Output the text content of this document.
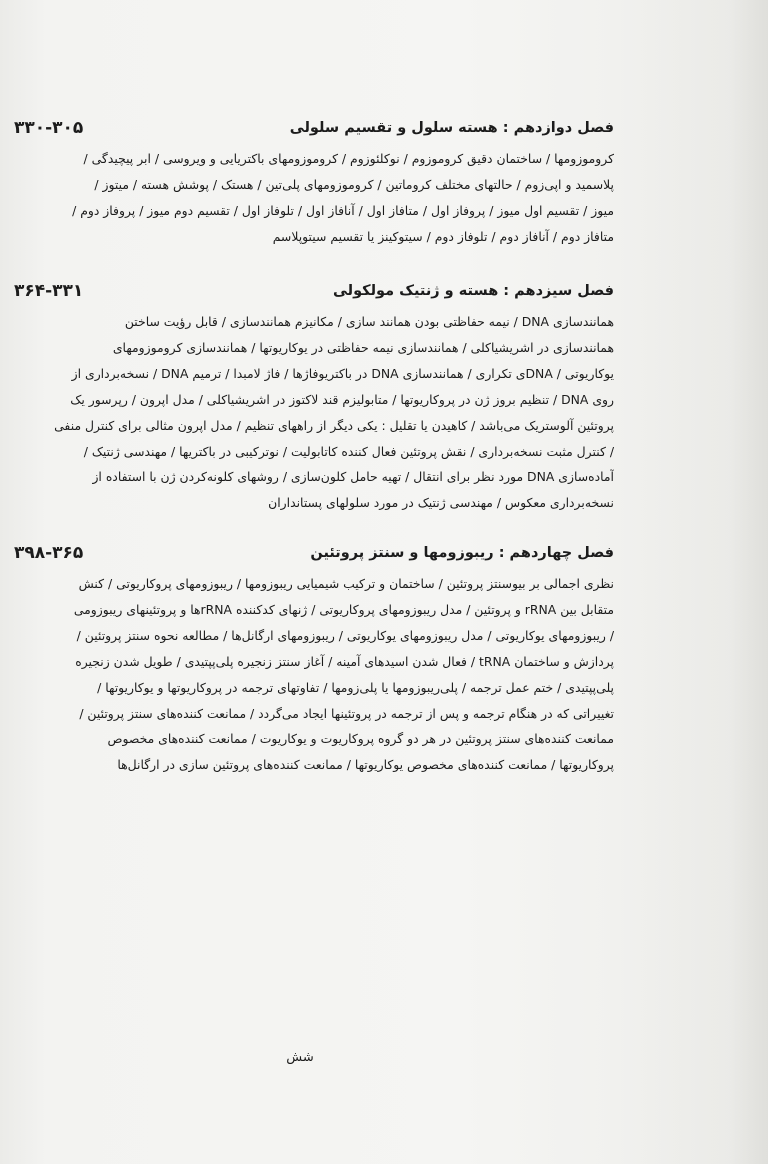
فصل دوازدهم : هسته سلول و تقسیم سلولی
۳۳۰-۳۰۵
کروموزومها / ساختمان دقیق کروموزوم / نوکلئوزوم / کروموزومهای باکتریایی و ویروسی / ابر پیچیدگی /
پلاسمید و اپی‌زوم / حالتهای مختلف کروماتین / کروموزومهای پلی‌تین / هستک / پوشش هسته / میتوز /
میوز / تقسیم اول میوز / پروفاز اول / متافاز اول / آنافاز اول / تلوفاز اول / تقسیم دوم میوز / پروفاز دوم /
متافاز دوم / آنافاز دوم / تلوفاز دوم / سیتوکینز یا تقسیم سیتوپلاسم
فصل سیزدهم : هسته و ژنتیک مولکولی
۳۶۴-۳۳۱
همانندسازی DNA / نیمه حفاظتی بودن همانند سازی / مکانیزم همانندسازی / قابل رؤیت ساختن
همانندسازی در اشریشیاکلی / همانندسازی نیمه حفاظتی در یوکاریوتها / همانندسازی کروموزومهای
یوکاریوتی / DNAی تکراری / همانندسازی DNA در باکتریوفاژها / فاژ لامبدا / ترمیم DNA / نسخه‌برداری از
روی DNA / تنظیم بروز ژن در پروکاریوتها / متابولیزم قند لاکتوز در اشریشیاکلی / مدل اپرون / رپرسور یک
پروتئین آلوستریک می‌باشد / کاهیدن یا تقلیل : یکی دیگر از راههای تنظیم / مدل اپرون مثالی برای کنترل منفی
/ کنترل مثبت نسخه‌برداری / نقش پروتئین فعال کننده کاتابولیت / نوترکیبی در باکتریها / مهندسی ژنتیک /
آماده‌سازی DNA مورد نظر برای انتقال / تهیه حامل کلون‌سازی / روشهای کلونه‌کردن ژن با استفاده از
نسخه‌برداری معکوس / مهندسی ژنتیک در مورد سلولهای پستانداران
فصل چهاردهم : ریبوزومها و سنتز پروتئین
۳۹۸-۳۶۵
نظری اجمالی بر بیوسنتز پروتئین / ساختمان و ترکیب شیمیایی ریبوزومها / ریبوزومهای پروکاریوتی / کنش
متقابل بین rRNA و پروتئین / مدل ریبوزومهای پروکاریوتی / ژنهای کدکننده rRNAها و پروتئینهای ریبوزومی
/ ریبوزومهای یوکاریوتی / مدل ریبوزومهای یوکاریوتی / ریبوزومهای ارگانل‌ها / مطالعه نحوه سنتز پروتئین /
پردازش و ساختمان tRNA / فعال شدن اسیدهای آمینه / آغاز سنتز زنجیره پلی‌پپتیدی / طویل شدن زنجیره
پلی‌پپتیدی / ختم عمل ترجمه / پلی‌ریبوزومها یا پلی‌زومها / تفاوتهای ترجمه در پروکاریوتها و یوکاریوتها /
تغییراتی که در هنگام ترجمه و پس از ترجمه در پروتئینها ایجاد می‌گردد / ممانعت کننده‌های سنتز پروتئین /
ممانعت کننده‌های سنتز پروتئین در هر دو گروه پروکاریوت و یوکاریوت / ممانعت کننده‌های مخصوص
پروکاریوتها / ممانعت کننده‌های مخصوص یوکاریوتها / ممانعت کننده‌های پروتئین سازی در ارگانل‌ها
شش
